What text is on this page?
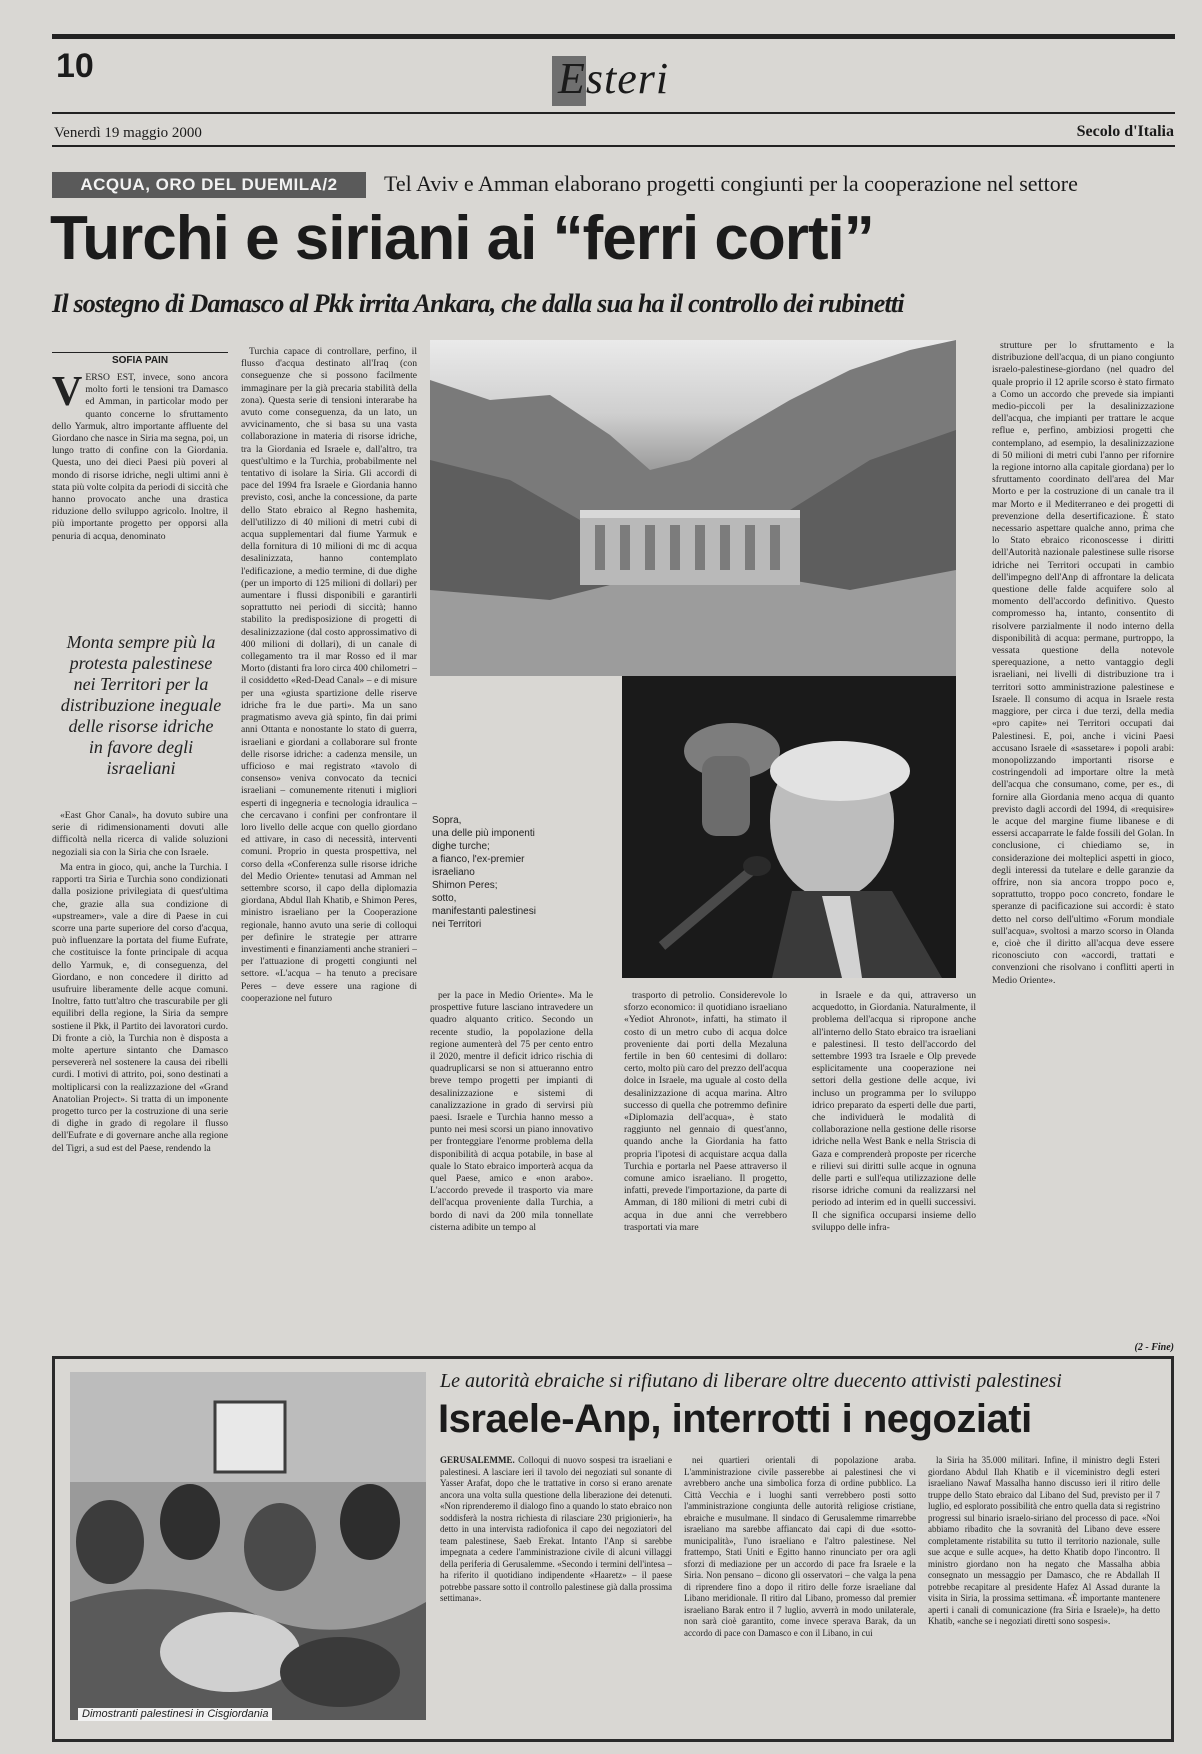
10	Esteri
Venerdì 19 maggio 2000	Secolo d'Italia
ACQUA, ORO DEL DUEMILA/2	Tel Aviv e Amman elaborano progetti congiunti per la cooperazione nel settore
Turchi e siriani ai “ferri corti”
Il sostegno di Damasco al Pkk irrita Ankara, che dalla sua ha il controllo dei rubinetti
SOFIA PAIN
V ERSO EST, invece, sono ancora molto forti le tensioni tra Damasco ed Amman, in particolar modo per quanto concerne lo sfruttamento dello Yarmuk, altro importante affluente del Giordano che nasce in Siria ma segna, poi, un lungo tratto di confine con la Giordania. Questa, uno dei dieci Paesi più poveri al mondo di risorse idriche, negli ultimi anni è stata più volte colpita da periodi di siccità che hanno provocato anche una drastica riduzione dello sviluppo agricolo. Inoltre, il più importante progetto per opporsi alla penuria di acqua, denominato
Monta sempre più la protesta palestinese nei Territori per la distribuzione ineguale delle risorse idriche in favore degli israeliani

«East Ghor Canal», ha dovuto subire una serie di ridimensionamenti dovuti alle difficoltà nella ricerca di valide soluzioni negoziali sia con la Siria che con Israele.

Ma entra in gioco, qui, anche la Turchia. I rapporti tra Siria e Turchia sono condizionati dalla posizione privilegiata di quest'ultima che, grazie alla sua condizione di «upstreamer», vale a dire di Paese in cui scorre una parte superiore del corso d'acqua, può influenzare la portata del fiume Eufrate, che costituisce la fonte principale di acqua dello Yarmuk, e, di conseguenza, del Giordano, e non concedere il diritto ad usufruire liberamente delle acque comuni. Inoltre, fatto tutt'altro che trascurabile per gli equilibri della regione, la Siria da sempre sostiene il Pkk, il Partito dei lavoratori curdo. Di fronte a ciò, la Turchia non è disposta a molte aperture sintanto che Damasco persevererà nel sostenere la causa dei ribelli curdi. I motivi di attrito, poi, sono destinati a moltiplicarsi con la realizzazione del «Grand Anatolian Project». Si tratta di un imponente progetto turco per la costruzione di una serie di dighe in grado di regolare il flusso dell'Eufrate e di governare anche alla regione del Tigri, a sud est del Paese, rendendo la

Turchia capace di controllare, perfino, il flusso d'acqua destinato all'Iraq (con conseguenze che si possono facilmente immaginare per la già precaria stabilità della zona). Questa serie di tensioni interarabe ha avuto come conseguenza, da un lato, un avvicinamento, che si basa su una vasta collaborazione in materia di risorse idriche, tra la Giordania ed Israele e, dall'altro, tra quest'ultimo e la Turchia, probabilmente nel tentativo di isolare la Siria. Gli accordi di pace del 1994 fra Israele e Giordania hanno previsto, così, anche la concessione, da parte dello Stato ebraico al Regno hashemita, dell'utilizzo di 40 milioni di metri cubi di acqua supplementari dal fiume Yarmuk e della fornitura di 10 milioni di mc di acqua desalinizzata, hanno contemplato l'edificazione, a medio termine, di due dighe (per un importo di 125 milioni di dollari) per aumentare i flussi disponibili e garantirli soprattutto nei periodi di siccità; hanno stabilito la predisposizione di progetti di desalinizzazione (dal costo approssimativo di 400 milioni di dollari), di un canale di collegamento tra il mar Rosso ed il mar Morto (distanti fra loro circa 400 chilometri – il cosiddetto «Red-Dead Canal» – e di misure per una «giusta spartizione delle riserve idriche fra le due parti». Ma un sano pragmatismo aveva già spinto, fin dai primi anni Ottanta e nonostante lo stato di guerra, israeliani e giordani a collaborare sul fronte delle risorse idriche: a cadenza mensile, un ufficioso e mai registrato «tavolo di consenso» veniva convocato da tecnici israeliani – comunemente ritenuti i migliori esperti di ingegneria e tecnologia idraulica – che cercavano i confini per confrontare il loro livello delle acque con quello giordano ed attivare, in caso di necessità, interventi comuni. Proprio in questa prospettiva, nel corso della «Conferenza sulle risorse idriche del Medio Oriente» tenutasi ad Amman nel settembre scorso, il capo della diplomazia giordana, Abdul Ilah Khatib, e Shimon Peres, ministro israeliano per la Cooperazione regionale, hanno avuto una serie di colloqui per definire le strategie per attrarre investimenti e finanziamenti anche stranieri – per l'attuazione di progetti congiunti nel settore. «L'acqua – ha tenuto a precisare Peres – deve essere una ragione di cooperazione nel futuro

Sopra,
una delle più imponenti
dighe turche;
a fianco, l'ex-premier
israeliano
Shimon Peres;
sotto,
manifestanti palestinesi
nei Territori

per la pace in Medio Oriente». Ma le prospettive future lasciano intravedere un quadro alquanto critico. Secondo un recente studio, la popolazione della regione aumenterà del 75 per cento entro il 2020, mentre il deficit idrico rischia di quadruplicarsi se non si attueranno entro breve tempo progetti per impianti di desalinizzazione e sistemi di canalizzazione in grado di servirsi più paesi. Israele e Turchia hanno messo a punto nei mesi scorsi un piano innovativo per fronteggiare l'enorme problema della disponibilità di acqua potabile, in base al quale lo Stato ebraico importerà acqua da quel Paese, amico e «non arabo». L'accordo prevede il trasporto via mare dell'acqua proveniente dalla Turchia, a bordo di navi da 200 mila tonnellate cisterna adibite un tempo al

trasporto di petrolio. Considerevole lo sforzo economico: il quotidiano israeliano «Yediot Ahronot», infatti, ha stimato il costo di un metro cubo di acqua dolce proveniente dai porti della Mezaluna fertile in ben 60 centesimi di dollaro: certo, molto più caro del prezzo dell'acqua dolce in Israele, ma uguale al costo della desalinizzazione di acqua marina. Altro successo di quella che potremmo definire «Diplomazia dell'acqua», è stato raggiunto nel gennaio di quest'anno, quando anche la Giordania ha fatto propria l'ipotesi di acquistare acqua dalla Turchia e portarla nel Paese attraverso il comune amico israeliano. Il progetto, infatti, prevede l'importazione, da parte di Amman, di 180 milioni di metri cubi di acqua in due anni che verrebbero trasportati via mare

in Israele e da qui, attraverso un acquedotto, in Giordania. Naturalmente, il problema dell'acqua si ripropone anche all'interno dello Stato ebraico tra israeliani e palestinesi. Il testo dell'accordo del settembre 1993 tra Israele e Olp prevede esplicitamente una cooperazione nei settori della gestione delle acque, ivi incluso un programma per lo sviluppo idrico preparato da esperti delle due parti, che individuerà le modalità di collaborazione nella gestione delle risorse idriche nella West Bank e nella Striscia di Gaza e comprenderà proposte per ricerche e rilievi sui diritti sulle acque in ognuna delle parti e sull'equa utilizzazione delle risorse idriche comuni da realizzarsi nel periodo ad interim ed in quelli successivi. Il che significa occuparsi insieme dello sviluppo delle infra-

strutture per lo sfruttamento e la distribuzione dell'acqua, di un piano congiunto israelo-palestinese-giordano (nel quadro del quale proprio il 12 aprile scorso è stato firmato a Como un accordo che prevede sia impianti medio-piccoli per la desalinizzazione dell'acqua, che impianti per trattare le acque reflue e, perfino, ambiziosi progetti che contemplano, ad esempio, la desalinizzazione di 50 milioni di metri cubi l'anno per rifornire la regione intorno alla capitale giordana) per lo sfruttamento coordinato dell'area del Mar Morto e per la costruzione di un canale tra il mar Morto e il Mediterraneo e dei progetti di prevenzione della desertificazione. È stato necessario aspettare qualche anno, prima che lo Stato ebraico riconoscesse i diritti dell'Autorità nazionale palestinese sulle risorse idriche nei Territori occupati in cambio dell'impegno dell'Anp di affrontare la delicata questione delle falde acquifere solo al momento dell'accordo definitivo. Questo compromesso ha, intanto, consentito di risolvere parzialmente il nodo interno della disponibilità di acqua: permane, purtroppo, la vessata questione della notevole sperequazione, a netto vantaggio degli israeliani, nei livelli di distribuzione tra i territori sotto amministrazione palestinese e Israele. Il consumo di acqua in Israele resta maggiore, per circa i due terzi, della media «pro capite» nei Territori occupati dai Palestinesi. E, poi, anche i vicini Paesi accusano Israele di «sassetare» i popoli arabi: monopolizzando importanti risorse e costringendoli ad importare oltre la metà dell'acqua che consumano, come, per es., di fornire alla Giordania meno acqua di quanto previsto dagli accordi del 1994, di «requisire» le acque del margine fiume libanese e di essersi accaparrate le falde fossili del Golan. In conclusione, ci chiediamo se, in considerazione dei molteplici aspetti in gioco, degli interessi da tutelare e delle garanzie da offrire, non sia ancora troppo poco e, soprattutto, troppo poco concreto, fondare le speranze di pacificazione sui accordi: è stato detto nel corso dell'ultimo «Forum mondiale sull'acqua», svoltosi a marzo scorso in Olanda e, cioè che il diritto all'acqua deve essere riconosciuto con «accordi, trattati e convenzioni che risolvano i conflitti aperti in Medio Oriente».

(2 - Fine)
Dimostranti palestinesi in Cisgiordania
Le autorità ebraiche si rifiutano di liberare oltre duecento attivisti palestinesi
Israele-Anp, interrotti i negoziati

GERUSALEMME. Colloqui di nuovo sospesi tra israeliani e palestinesi. A lasciare ieri il tavolo dei negoziati sul sonante di Yasser Arafat, dopo che le trattative in corso si erano arenate ancora una volta sulla questione della liberazione dei detenuti. «Non riprenderemo il dialogo fino a quando lo stato ebraico non soddisferà la nostra richiesta di rilasciare 230 prigionieri», ha detto in una intervista radiofonica il capo dei negoziatori del team palestinese, Saeb Erekat. Intanto l'Anp si sarebbe impegnata a cedere l'amministrazione civile di alcuni villaggi della periferia di Gerusalemme. «Secondo i termini dell'intesa – ha riferito il quotidiano indipendente «Haaretz» – il paese potrebbe passare sotto il controllo palestinese già dalla prossima settimana».

nei quartieri orientali di popolazione araba. L'amministrazione civile passerebbe ai palestinesi che vi avrebbero anche una simbolica forza di ordine pubblico. La Città Vecchia e i luoghi santi verrebbero posti sotto l'amministrazione congiunta delle autorità religiose cristiane, ebraiche e musulmane. Il sindaco di Gerusalemme rimarrebbe israeliano ma sarebbe affiancato dai capi di due «sotto-municipalità», l'uno israeliano e l'altro palestinese. Nel frattempo, Stati Uniti e Egitto hanno rinunciato per ora agli sforzi di mediazione per un accordo di pace fra Israele e la Siria. Non pensano – dicono gli osservatori – che valga la pena di riprendere fino a dopo il ritiro delle forze israeliane dal Libano meridionale. Il ritiro dal Libano, promesso dal premier israeliano Barak entro il 7 luglio, avverrà in modo unilaterale, non sarà cioè garantito, come invece sperava Barak, da un accordo di pace con Damasco e con il Libano, in cui

la Siria ha 35.000 militari. Infine, il ministro degli Esteri giordano Abdul Ilah Khatib e il viceministro degli esteri israeliano Nawaf Massalha hanno discusso ieri il ritiro delle truppe dello Stato ebraico dal Libano del Sud, previsto per il 7 luglio, ed esplorato possibilità che entro quella data si registrino progressi sul binario israelo-siriano del processo di pace. «Noi abbiamo ribadito che la sovranità del Libano deve essere completamente ristabilita su tutto il territorio nazionale, sulle sue acque e sulle acque», ha detto Khatib dopo l'incontro. Il ministro giordano non ha negato che Massalha abbia consegnato un messaggio per Damasco, che re Abdallah II potrebbe recapitare al presidente Hafez Al Assad durante la visita in Siria, la prossima settimana. «È importante mantenere aperti i canali di comunicazione (fra Siria e Israele)», ha detto Khatib, «anche se i negoziati diretti sono sospesi».
